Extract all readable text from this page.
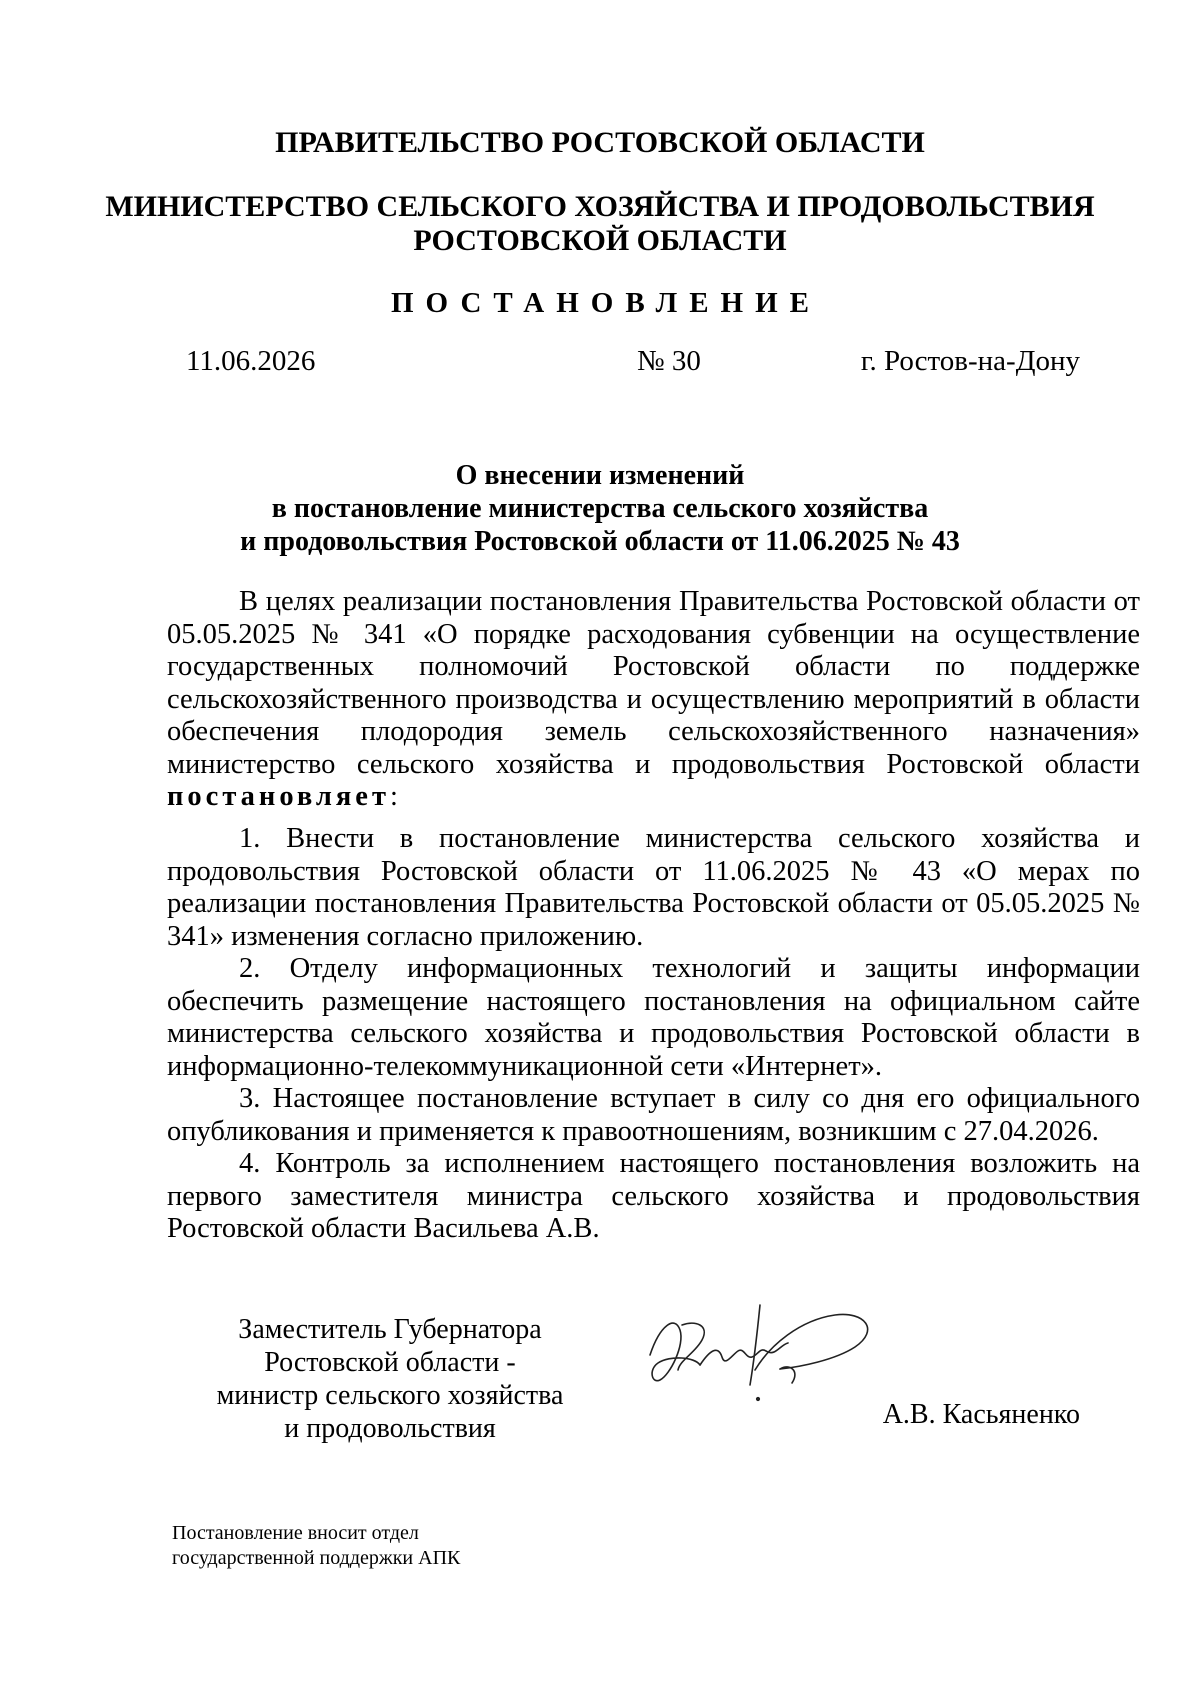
ПРАВИТЕЛЬСТВО РОСТОВСКОЙ ОБЛАСТИ
МИНИСТЕРСТВО СЕЛЬСКОГО ХОЗЯЙСТВА И ПРОДОВОЛЬСТВИЯ
РОСТОВСКОЙ ОБЛАСТИ
ПОСТАНОВЛЕНИЕ
11.06.2026	№ 30	г. Ростов-на-Дону
О внесении изменений
в постановление министерства сельского хозяйства
и продовольствия Ростовской области от 11.06.2025 № 43

В целях реализации постановления Правительства Ростовской области от 05.05.2025 № 341 «О порядке расходования субвенции на осуществление государственных полномочий Ростовской области по поддержке сельскохозяйственного производства и осуществлению мероприятий в области обеспечения плодородия земель сельскохозяйственного назначения» министерство сельского хозяйства и продовольствия Ростовской области постановляет:

1. Внести в постановление министерства сельского хозяйства и продовольствия Ростовской области от 11.06.2025 № 43 «О мерах по реализации постановления Правительства Ростовской области от 05.05.2025 № 341» изменения согласно приложению.

2. Отделу информационных технологий и защиты информации обеспечить размещение настоящего постановления на официальном сайте министерства сельского хозяйства и продовольствия Ростовской области в информационно-телекоммуникационной сети «Интернет».

3. Настоящее постановление вступает в силу со дня его официального опубликования и применяется к правоотношениям, возникшим с 27.04.2026.

4. Контроль за исполнением настоящего постановления возложить на первого заместителя министра сельского хозяйства и продовольствия Ростовской области Васильева А.В.

Заместитель Губернатора
Ростовской области -
министр сельского хозяйства
и продовольствия	А.В. Касьяненко
Постановление вносит отдел
государственной поддержки АПК
